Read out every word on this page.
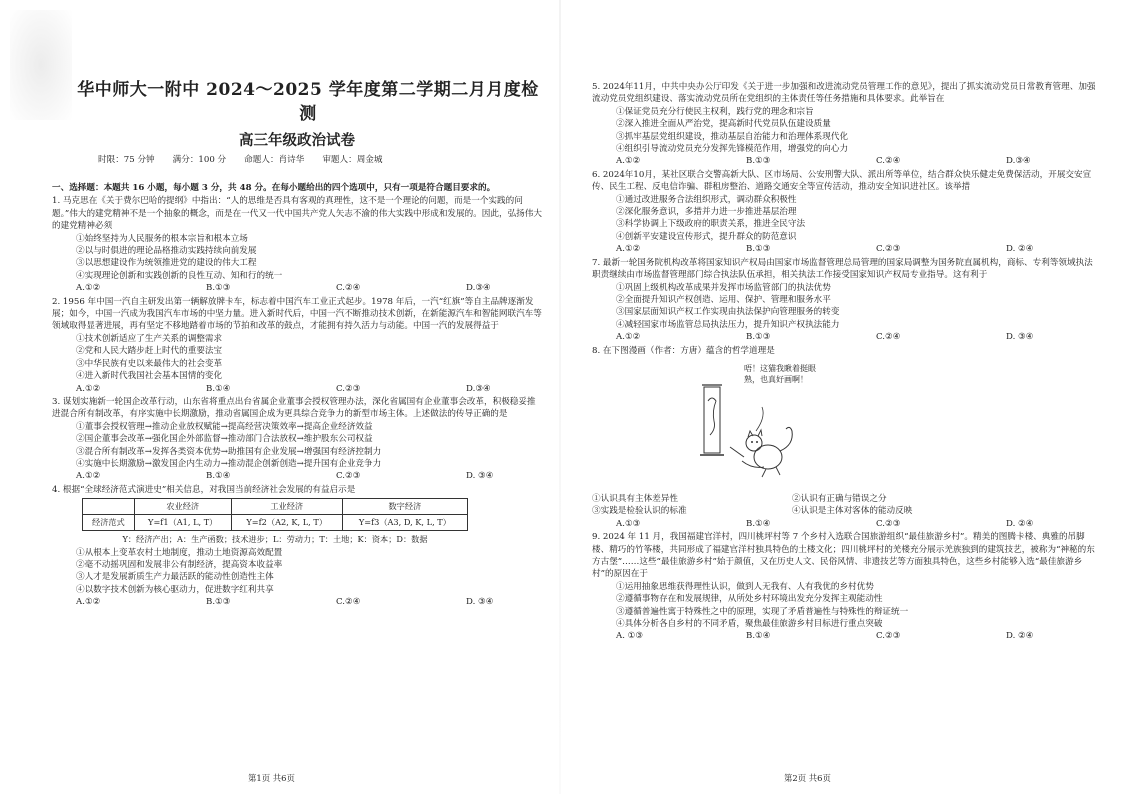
华中师大一附中 2024～2025 学年度第二学期二月月度检测
高三年级政治试卷
时限：75 分钟 满分：100 分 命题人：肖诗华 审题人：周金城
一、选择题：本题共 16 小题，每小题 3 分，共 48 分。在每小题给出的四个选项中，只有一项是符合题目要求的。
1. 马克思在《关于费尔巴哈的提纲》中指出：“人的思维是否具有客观的真理性，这不是一个理论的问题，而是一个实践的问题。”伟大的建党精神不是一个抽象的概念，而是在一代又一代中国共产党人矢志不渝的伟大实践中形成和发展的。因此，弘扬伟大的建党精神必须
①始终坚持为人民服务的根本宗旨和根本立场
②以与时俱进的理论品格推动实践持续向前发展
③以思想建设作为统领推进党的建设的伟大工程
④实现理论创新和实践创新的良性互动、知和行的统一
A.①②	B.①③	C.②④	D.③④
2. 1956 年中国一汽自主研发出第一辆解放牌卡车，标志着中国汽车工业正式起步。1978 年后，一汽“红旗”等自主品牌逐渐发展；如今，中国一汽成为我国汽车市场的中坚力量。进入新时代后，中国一汽不断推动技术创新，在新能源汽车和智能网联汽车等领域取得显著进展，再有坚定不移地踏着市场的节拍和改革的鼓点，才能拥有持久活力与动能。中国一汽的发展得益于
①技术创新适应了生产关系的调整需求
②党和人民大踏步赶上时代的重要法宝
③中华民族有史以来最伟大的社会变革
④进入新时代我国社会基本国情的变化
A.①②	B.①④	C.②③	D.③④
3. 谋划实施新一轮国企改革行动，山东省将重点出台省属企业董事会授权管理办法，深化省属国有企业董事会改革，积极稳妥推进混合所有制改革，有序实施中长期激励，推动省属国企成为更具综合竞争力的新型市场主体。上述做法的传导正确的是
①董事会授权管理→推动企业放权赋能→提高经营决策效率→提高企业经济效益
②国企董事会改革→强化国企外部监督→推动部门合法放权→维护股东公司权益
③混合所有制改革→发挥各类资本优势→助推国有企业发展→增强国有经济控制力
④实施中长期激励→激发国企内生动力→推动混企创新创造→提升国有企业竞争力
A.①②	B.①④	C.②③	D. ③④
4. 根据“全球经济范式演进史”相关信息，对我国当前经济社会发展的有益启示是
	农业经济	工业经济	数字经济
经济范式	Y=f1（A1, L, T）	Y=f2（A2, K, L, T）	Y=f3（A3, D, K, L, T）
Y：经济产出；A：生产函数；技术进步；L：劳动力；T：土地；K：资本；D：数据
①从根本上变革农村土地制度，推动土地资源高效配置
②毫不动摇巩固和发展非公有制经济，提高资本收益率
③人才是发展新质生产力最活跃的能动性创造性主体
④以数字技术创新为核心驱动力，促进数字红利共享
A.①②	B.①③	C.②④	D. ③④
第1页 共6页
5. 2024年11月，中共中央办公厅印发《关于进一步加强和改进流动党员管理工作的意见》，提出了抓实流动党员日常教育管理、加强流动党员党组织建设、落实流动党员所在党组织的主体责任等任务措施和具体要求。此举旨在
①保证党员充分行使民主权利，践行党的理念和宗旨
②深入推进全面从严治党，提高新时代党员队伍建设质量
③抓牢基层党组织建设，推动基层自治能力和治理体系现代化
④组织引导流动党员充分发挥先锋模范作用，增强党的向心力
A.①②	B.①③	C.②④	D.③④
6. 2024年10月，某社区联合交警高新大队、区市场局、公安刑警大队、派出所等单位，结合群众快乐健走免费保活动，开展交安宣传、民生工程、反电信诈骗、群租房整治、道路交通安全等宣传活动，推动安全知识进社区。该举措
①通过改进服务合法组织形式，调动群众积极性
②深化服务意识，多措并力进一步推进基层治理
③科学协调上下级政府的职责关系，推进全民守法
④创新平安建设宣传形式，提升群众的防范意识
A.①②	B.①③	C.②③	D. ②④
7. 最新一轮国务院机构改革将国家知识产权局由国家市场监督管理总局管理的国家局调整为国务院直属机构，商标、专利等领域执法职责继续由市场监督管理部门综合执法队伍承担，相关执法工作接受国家知识产权局专业指导。这有利于
①巩固上级机构改革成果并发挥市场监管部门的执法优势
②全面提升知识产权创造、运用、保护、管理和服务水平
③国家层面知识产权工作实现由执法保护向管理服务的转变
④减轻国家市场监管总局执法压力，提升知识产权执法能力
A.①②	B.①③	C.②④	D. ③④
8. 在下图漫画（作者：方唐）蕴含的哲学道理是
唔！这猫我瞅着挺眼熟，也真好画啊！
①认识具有主体差异性	②认识有正确与错误之分
③实践是检验认识的标准	④认识是主体对客体的能动反映
A.①③	B.①④	C.②③	D. ②④
9. 2024 年 11 月，我国福建官洋村，四川桃坪村等 7 个乡村入选联合国旅游组织“最佳旅游乡村”。精美的图腾卡楼、典雅的吊脚楼、精巧的竹筝楼，共同形成了福建官洋村独具特色的土楼文化；四川桃坪村的羌楼充分展示羌族独到的建筑技艺，被称为“神秘的东方古堡”……这些“最佳旅游乡村”始于颜值，又在历史人文、民俗风情、非遗技艺等方面独具特色，这些乡村能够入选“最佳旅游乡村”的原因在于
①运用抽象思维获得理性认识，做到人无我有、人有我优的乡村优势
②遵循事物存在和发展规律，从所处乡村环境出发充分发挥主观能动性
③遵循普遍性寓于特殊性之中的原理，实现了矛盾普遍性与特殊性的辩证统一
④具体分析各自乡村的不同矛盾，聚焦最佳旅游乡村目标进行重点突破
A. ①③	B.①④	C.②③	D. ②④
第2页 共6页
